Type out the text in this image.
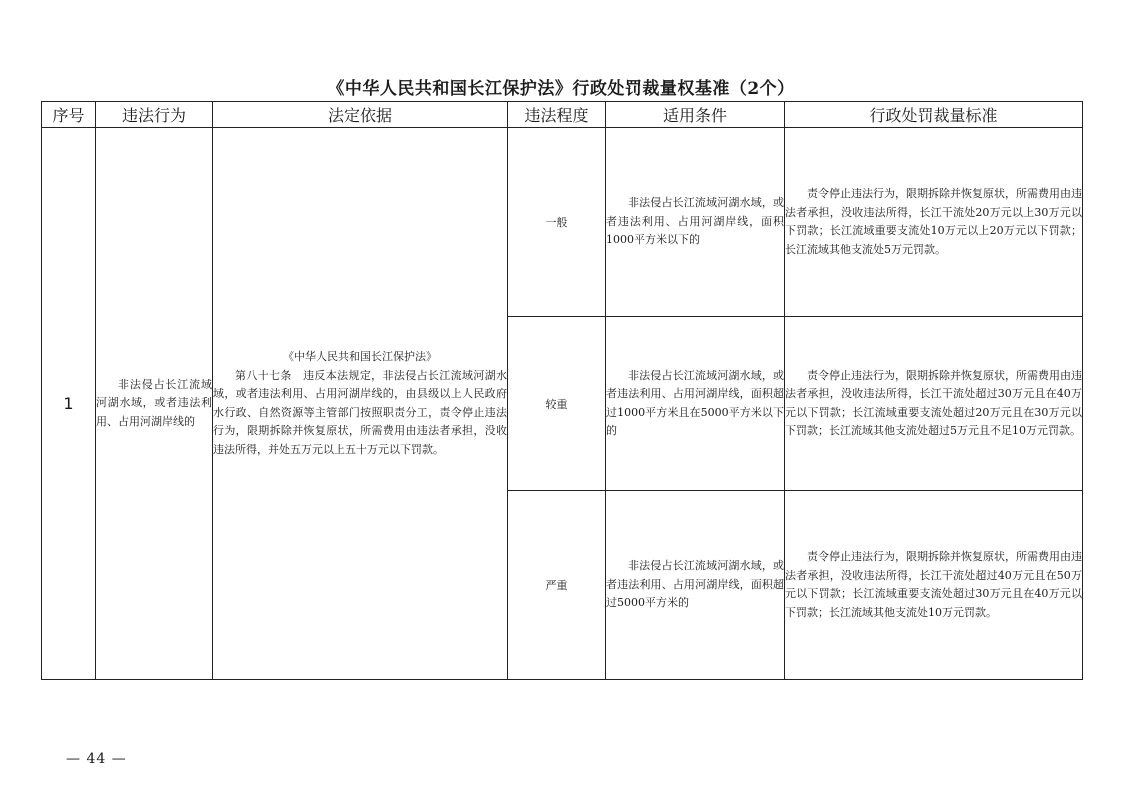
《中华人民共和国长江保护法》行政处罚裁量权基准（2个）
序号	违法行为	法定依据	违法程度	适用条件	行政处罚裁量标准
1	非法侵占长江流域河湖水域，或者违法利用、占用河湖岸线的	《中华人民共和国长江保护法》
第八十七条　违反本法规定，非法侵占长江流域河湖水域，或者违法利用、占用河湖岸线的，由县级以上人民政府水行政、自然资源等主管部门按照职责分工，责令停止违法行为，限期拆除并恢复原状，所需费用由违法者承担，没收违法所得，并处五万元以上五十万元以下罚款。	一般	非法侵占长江流域河湖水域，或者违法利用、占用河湖岸线，面积1000平方米以下的	责令停止违法行为，限期拆除并恢复原状，所需费用由违法者承担，没收违法所得，长江干流处20万元以上30万元以下罚款；长江流域重要支流处10万元以上20万元以下罚款；长江流域其他支流处5万元罚款。

			较重	非法侵占长江流域河湖水域，或者违法利用、占用河湖岸线，面积超过1000平方米且在5000平方米以下的	责令停止违法行为，限期拆除并恢复原状，所需费用由违法者承担，没收违法所得，长江干流处超过30万元且在40万元以下罚款；长江流域重要支流处超过20万元且在30万元以下罚款；长江流域其他支流处超过5万元且不足10万元罚款。

			严重	非法侵占长江流域河湖水域，或者违法利用、占用河湖岸线，面积超过5000平方米的	责令停止违法行为，限期拆除并恢复原状，所需费用由违法者承担，没收违法所得，长江干流处超过40万元且在50万元以下罚款；长江流域重要支流处超过30万元且在40万元以下罚款；长江流域其他支流处10万元罚款。
— 44 —
